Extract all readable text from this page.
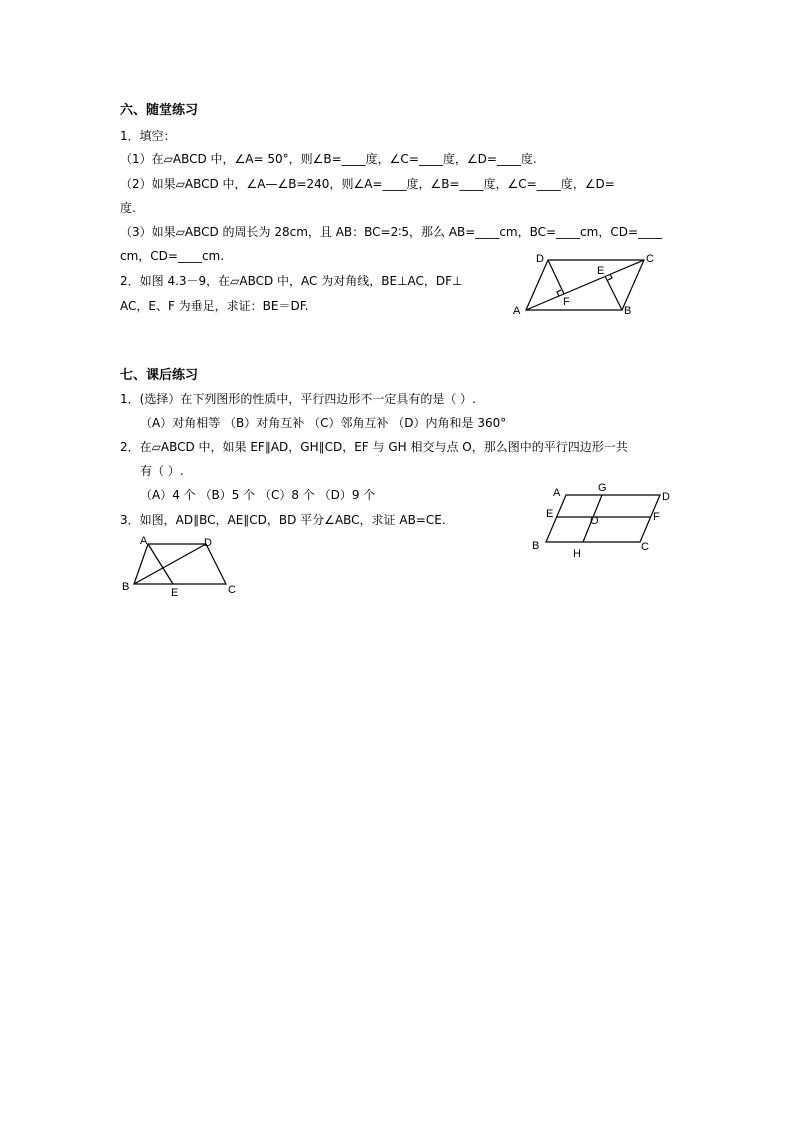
六、随堂练习
1．填空：
（1）在▱ABCD 中，∠A= 50°，则∠B=____度，∠C=____度，∠D=____度.
（2）如果▱ABCD 中，∠A—∠B=240，则∠A=____度，∠B=____度，∠C=____度，∠D=
度.
（3）如果▱ABCD 的周长为 28cm，且 AB：BC=2∶5，那么 AB=____cm，BC=____cm，CD=____
cm，CD=____cm.
2．如图 4.3－9，在▱ABCD 中，AC 为对角线，BE⊥AC，DF⊥
AC，E、F 为垂足，求证：BE＝DF.	A	B
C
D
E
F
七、课后练习
1．(选择）在下列图形的性质中，平行四边形不一定具有的是（ ）.
（A）对角相等 （B）对角互补 （C）邻角互补 （D）内角和是 360°
2．在▱ABCD 中，如果 EF∥AD，GH∥CD，EF 与 GH 相交与点 O，那么图中的平行四边形一共
有（ ）.
（A）4 个 （B）5 个 （C）8 个 （D）9 个
3．如图，AD∥BC，AE∥CD，BD 平分∠ABC，求证 AB=CE.
A	G
D
E
O	F
B
H
C
A	D
B	E	C
